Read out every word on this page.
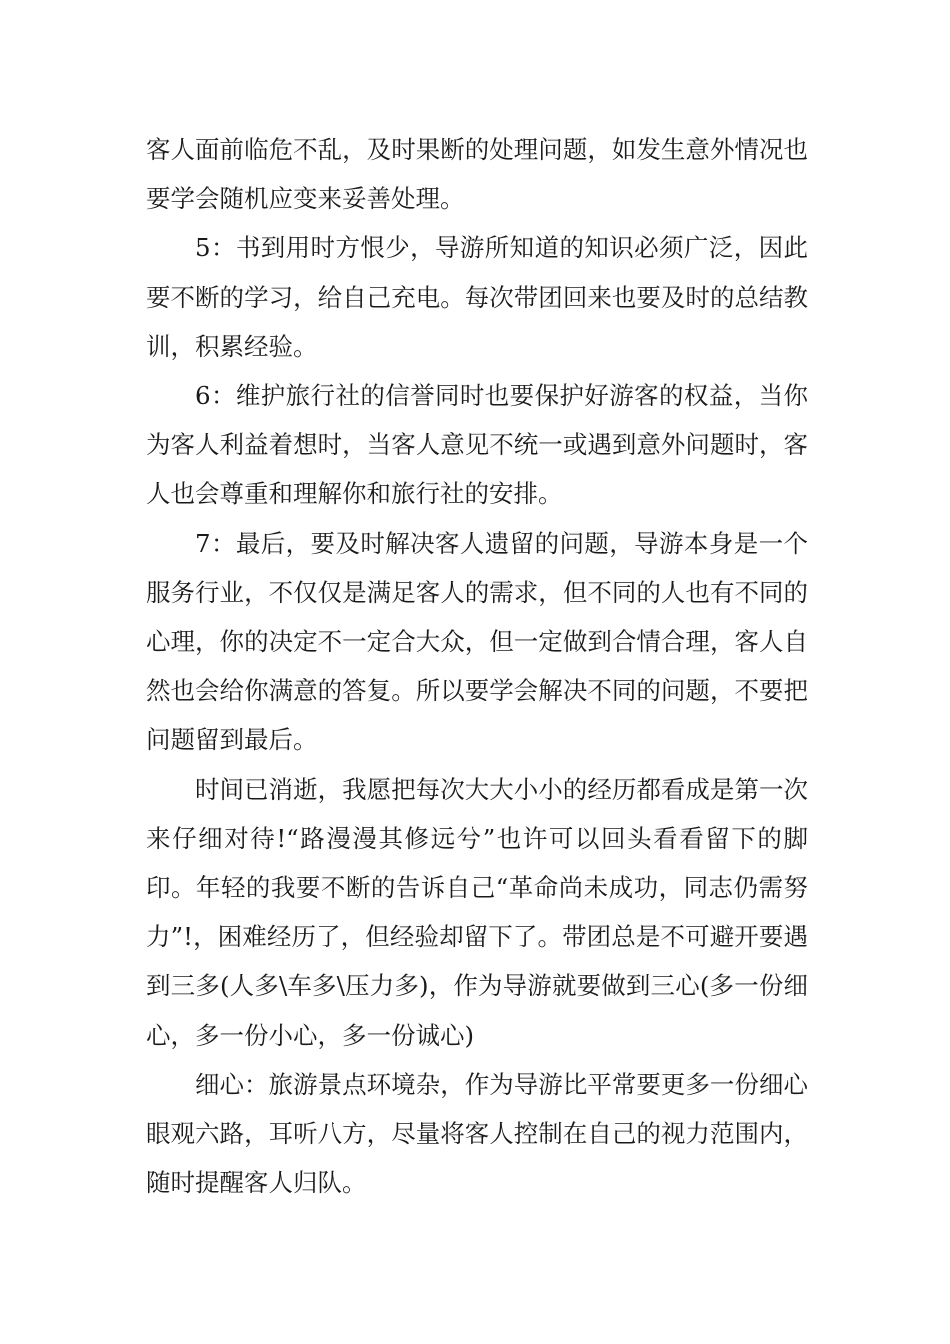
客人面前临危不乱，及时果断的处理问题，如发生意外情况也要学会随机应变来妥善处理。

5：书到用时方恨少，导游所知道的知识必须广泛，因此要不断的学习，给自己充电。每次带团回来也要及时的总结教训，积累经验。

6：维护旅行社的信誉同时也要保护好游客的权益，当你为客人利益着想时，当客人意见不统一或遇到意外问题时，客人也会尊重和理解你和旅行社的安排。

7：最后，要及时解决客人遗留的问题，导游本身是一个服务行业，不仅仅是满足客人的需求，但不同的人也有不同的心理，你的决定不一定合大众，但一定做到合情合理，客人自然也会给你满意的答复。所以要学会解决不同的问题，不要把问题留到最后。

时间已消逝，我愿把每次大大小小的经历都看成是第一次来仔细对待!“路漫漫其修远兮”也许可以回头看看留下的脚印。年轻的我要不断的告诉自己“革命尚未成功，同志仍需努力”!，困难经历了，但经验却留下了。带团总是不可避开要遇到三多(人多\车多\压力多)，作为导游就要做到三心(多一份细心，多一份小心，多一份诚心)

细心：旅游景点环境杂，作为导游比平常要更多一份细心眼观六路，耳听八方，尽量将客人控制在自己的视力范围内，随时提醒客人归队。
